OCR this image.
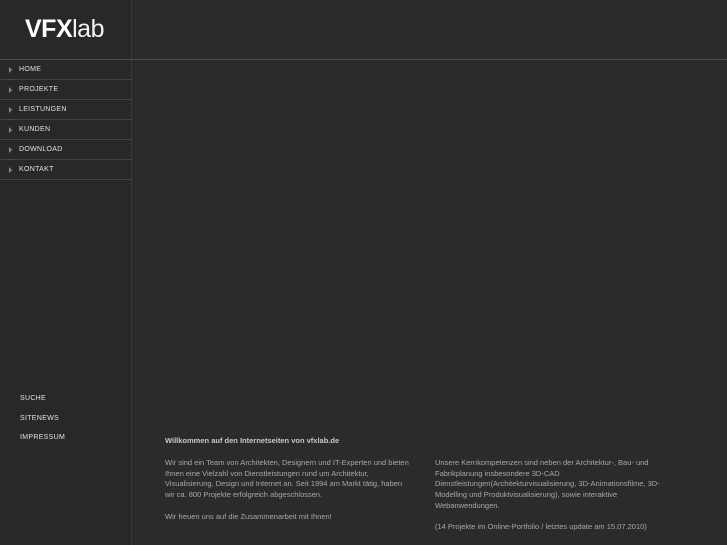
VFXlab
HOME
PROJEKTE
LEISTUNGEN
KUNDEN
DOWNLOAD
KONTAKT
SUCHE
SITENEWS
IMPRESSUM	Willkommen auf den Internetseiten von vfxlab.de

Wir sind ein Team von Architekten, Designern und IT-Experten und bieten Ihnen eine Vielzahl von Dienstleistungen rund um Architektur, Visualisierung, Design und Internet an. Seit 1994 am Markt tätig, haben wir ca. 800 Projekte erfolgreich abgeschlossen.

Wir freuen uns auf die Zusammenarbeit mit Ihnen!

Unsere Kernkompetenzen sind neben der Architektur-, Bau- und Fabrikplanung insbesondere 3D-CAD Dienstleistungen(Architekturvisualisierung, 3D-Animationsfilme, 3D-Modelling und Produktvisualisierung), sowie interaktive Webanwendungen.

(14 Projekte im Online-Portfolio / letztes update am 15.07.2010)
